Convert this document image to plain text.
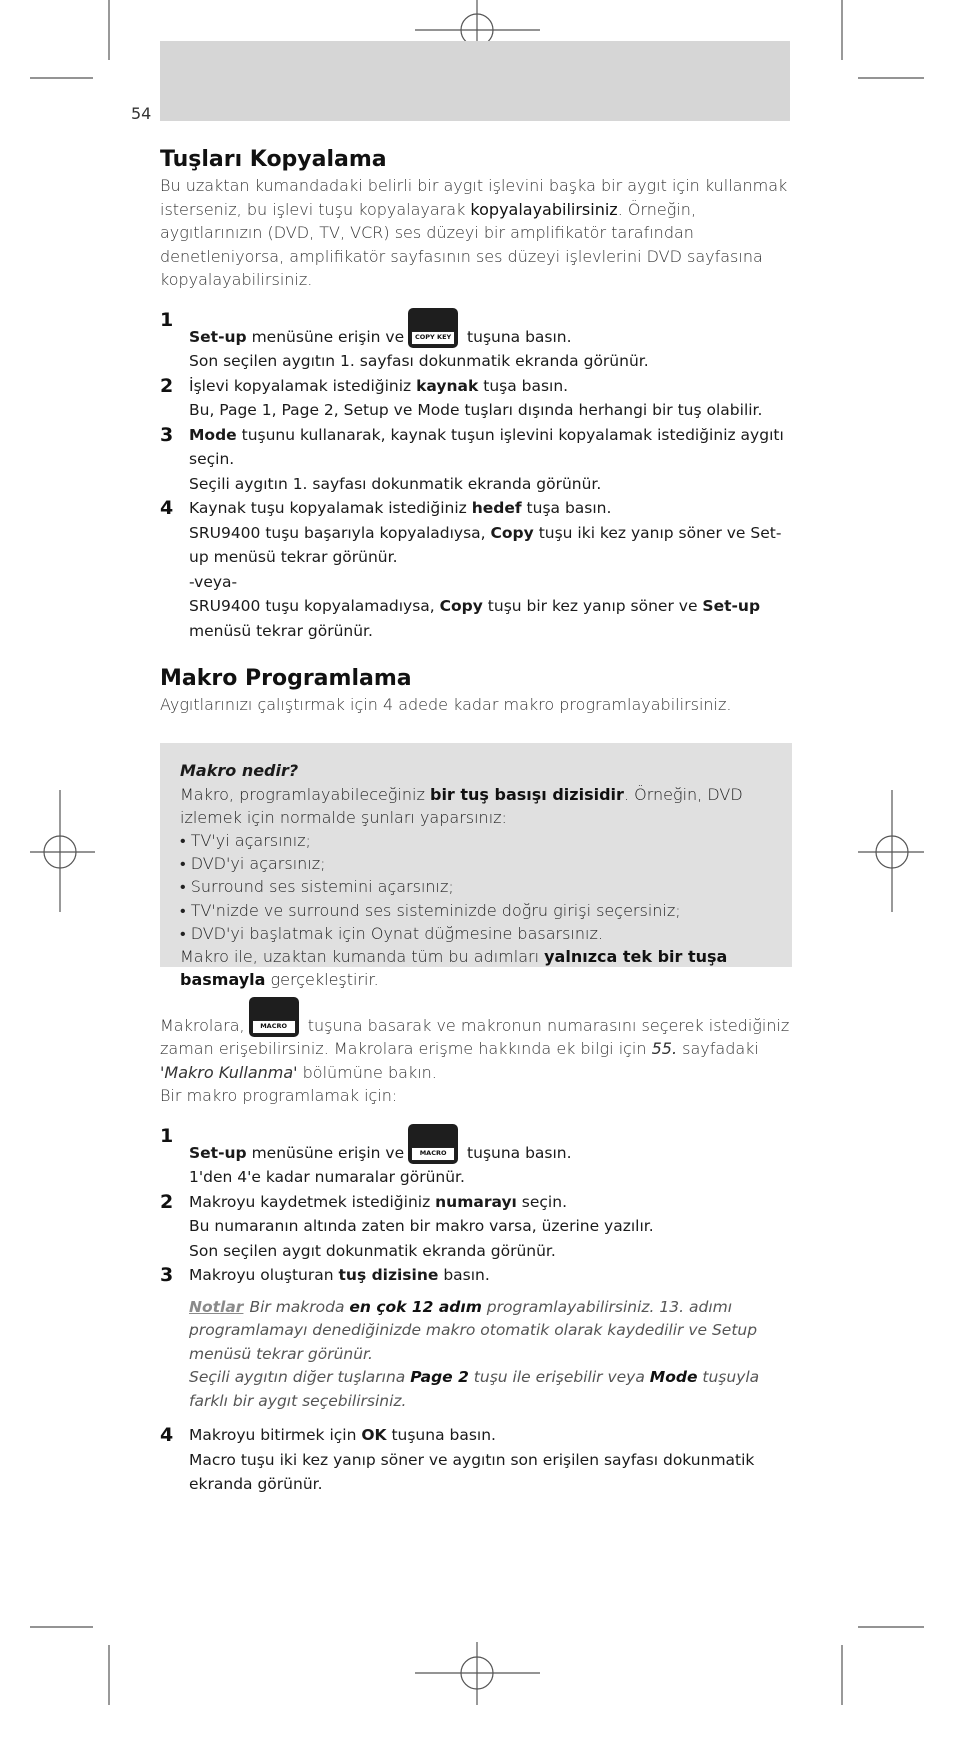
54
Tuşları Kopyalama

Bu uzaktan kumandadaki belirli bir aygıt işlevini başka bir aygıt için kullanmak isterseniz, bu işlevi tuşu kopyalayarak kopyalayabilirsiniz. Örneğin, aygıtlarınızın (DVD, TV, VCR) ses düzeyi bir amplifikatör tarafından denetleniyorsa, amplifikatör sayfasının ses düzeyi işlevlerini DVD sayfasına kopyalayabilirsiniz.

1
Set-up menüsüne erişin ve	COPY KEY tuşuna basın.
Son seçilen aygıtın 1. sayfası dokunmatik ekranda görünür.
2 İşlevi kopyalamak istediğiniz kaynak tuşa basın.
Bu, Page 1, Page 2, Setup ve Mode tuşları dışında herhangi bir tuş olabilir.
3 Mode tuşunu kullanarak, kaynak tuşun işlevini kopyalamak istediğiniz aygıtı seçin.
Seçili aygıtın 1. sayfası dokunmatik ekranda görünür.
4 Kaynak tuşu kopyalamak istediğiniz hedef tuşa basın.
SRU9400 tuşu başarıyla kopyaladıysa, Copy tuşu iki kez yanıp söner ve Set-up menüsü tekrar görünür.
-veya-
SRU9400 tuşu kopyalamadıysa, Copy tuşu bir kez yanıp söner ve Set-up menüsü tekrar görünür.
Makro Programlama

Aygıtlarınızı çalıştırmak için 4 adede kadar makro programlayabilirsiniz.

Makro nedir?
Makro, programlayabileceğiniz bir tuş basışı dizisidir. Örneğin, DVD izlemek için normalde şunları yaparsınız:
• TV'yi açarsınız;
• DVD'yi açarsınız;
• Surround ses sistemini açarsınız;
• TV'nizde ve surround ses sisteminizde doğru girişi seçersiniz;
• DVD'yi başlatmak için Oynat düğmesine basarsınız.
Makro ile, uzaktan kumanda tüm bu adımları yalnızca tek bir tuşa basmayla gerçekleştirir.

Makrolara,	MACRO tuşuna basarak ve makronun numarasını seçerek istediğiniz zaman erişebilirsiniz. Makrolara erişme hakkında ek bilgi için 55. sayfadaki 'Makro Kullanma' bölümüne bakın.

Bir makro programlamak için:

1
Set-up menüsüne erişin ve	MACRO	tuşuna basın.
1'den 4'e kadar numaralar görünür.
2 Makroyu kaydetmek istediğiniz numarayı seçin.
Bu numaranın altında zaten bir makro varsa, üzerine yazılır.
Son seçilen aygıt dokunmatik ekranda görünür.
3 Makroyu oluşturan tuş dizisine basın.
Notlar Bir makroda en çok 12 adım programlayabilirsiniz. 13. adımı programlamayı denediğinizde makro otomatik olarak kaydedilir ve Setup menüsü tekrar görünür.
Seçili aygıtın diğer tuşlarına Page 2 tuşu ile erişebilir veya Mode tuşuyla farklı bir aygıt seçebilirsiniz.
4 Makroyu bitirmek için OK tuşuna basın.
Macro tuşu iki kez yanıp söner ve aygıtın son erişilen sayfası dokunmatik ekranda görünür.
